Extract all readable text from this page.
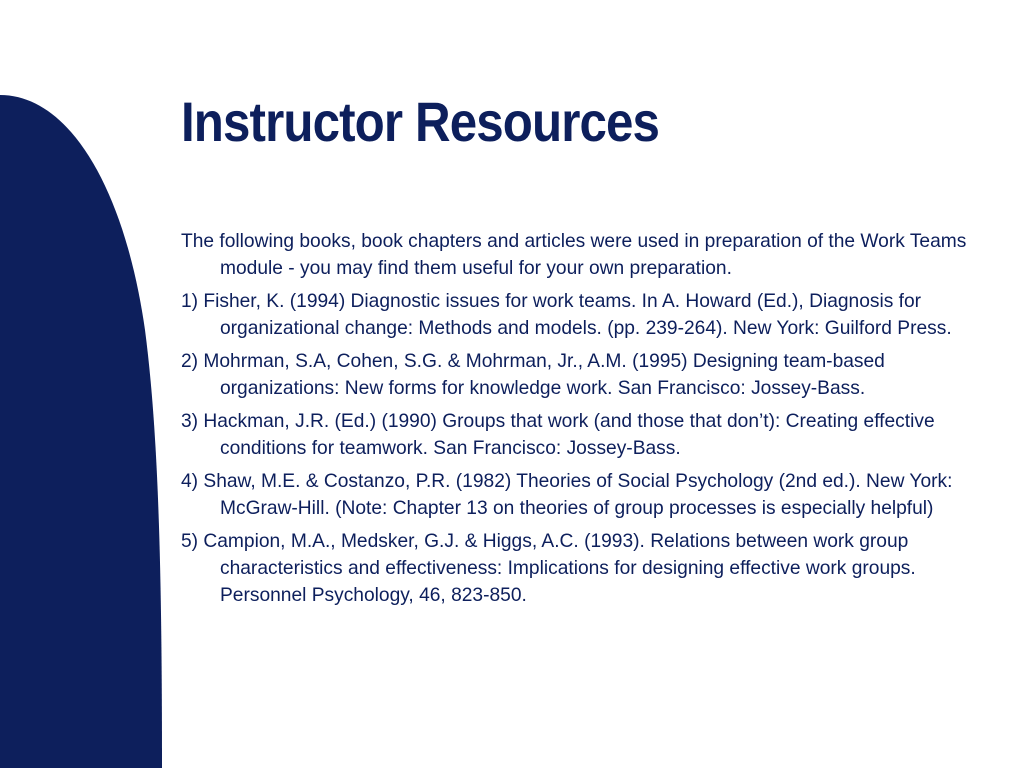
Instructor Resources

The following books, book chapters and articles were used in preparation of the Work Teams module - you may find them useful for your own preparation.

1) Fisher, K. (1994) Diagnostic issues for work teams. In A. Howard (Ed.), Diagnosis for organizational change: Methods and models. (pp. 239-264). New York: Guilford Press.

2) Mohrman, S.A, Cohen, S.G. & Mohrman, Jr., A.M. (1995) Designing team-based organizations: New forms for knowledge work. San Francisco: Jossey-Bass.

3) Hackman, J.R. (Ed.) (1990) Groups that work (and those that don’t): Creating effective conditions for teamwork. San Francisco: Jossey-Bass.

4) Shaw, M.E. & Costanzo, P.R. (1982) Theories of Social Psychology (2nd ed.). New York: McGraw-Hill. (Note: Chapter 13 on theories of group processes is especially helpful)

5) Campion, M.A., Medsker, G.J. & Higgs, A.C. (1993). Relations between work group characteristics and effectiveness: Implications for designing effective work groups. Personnel Psychology, 46, 823-850.
